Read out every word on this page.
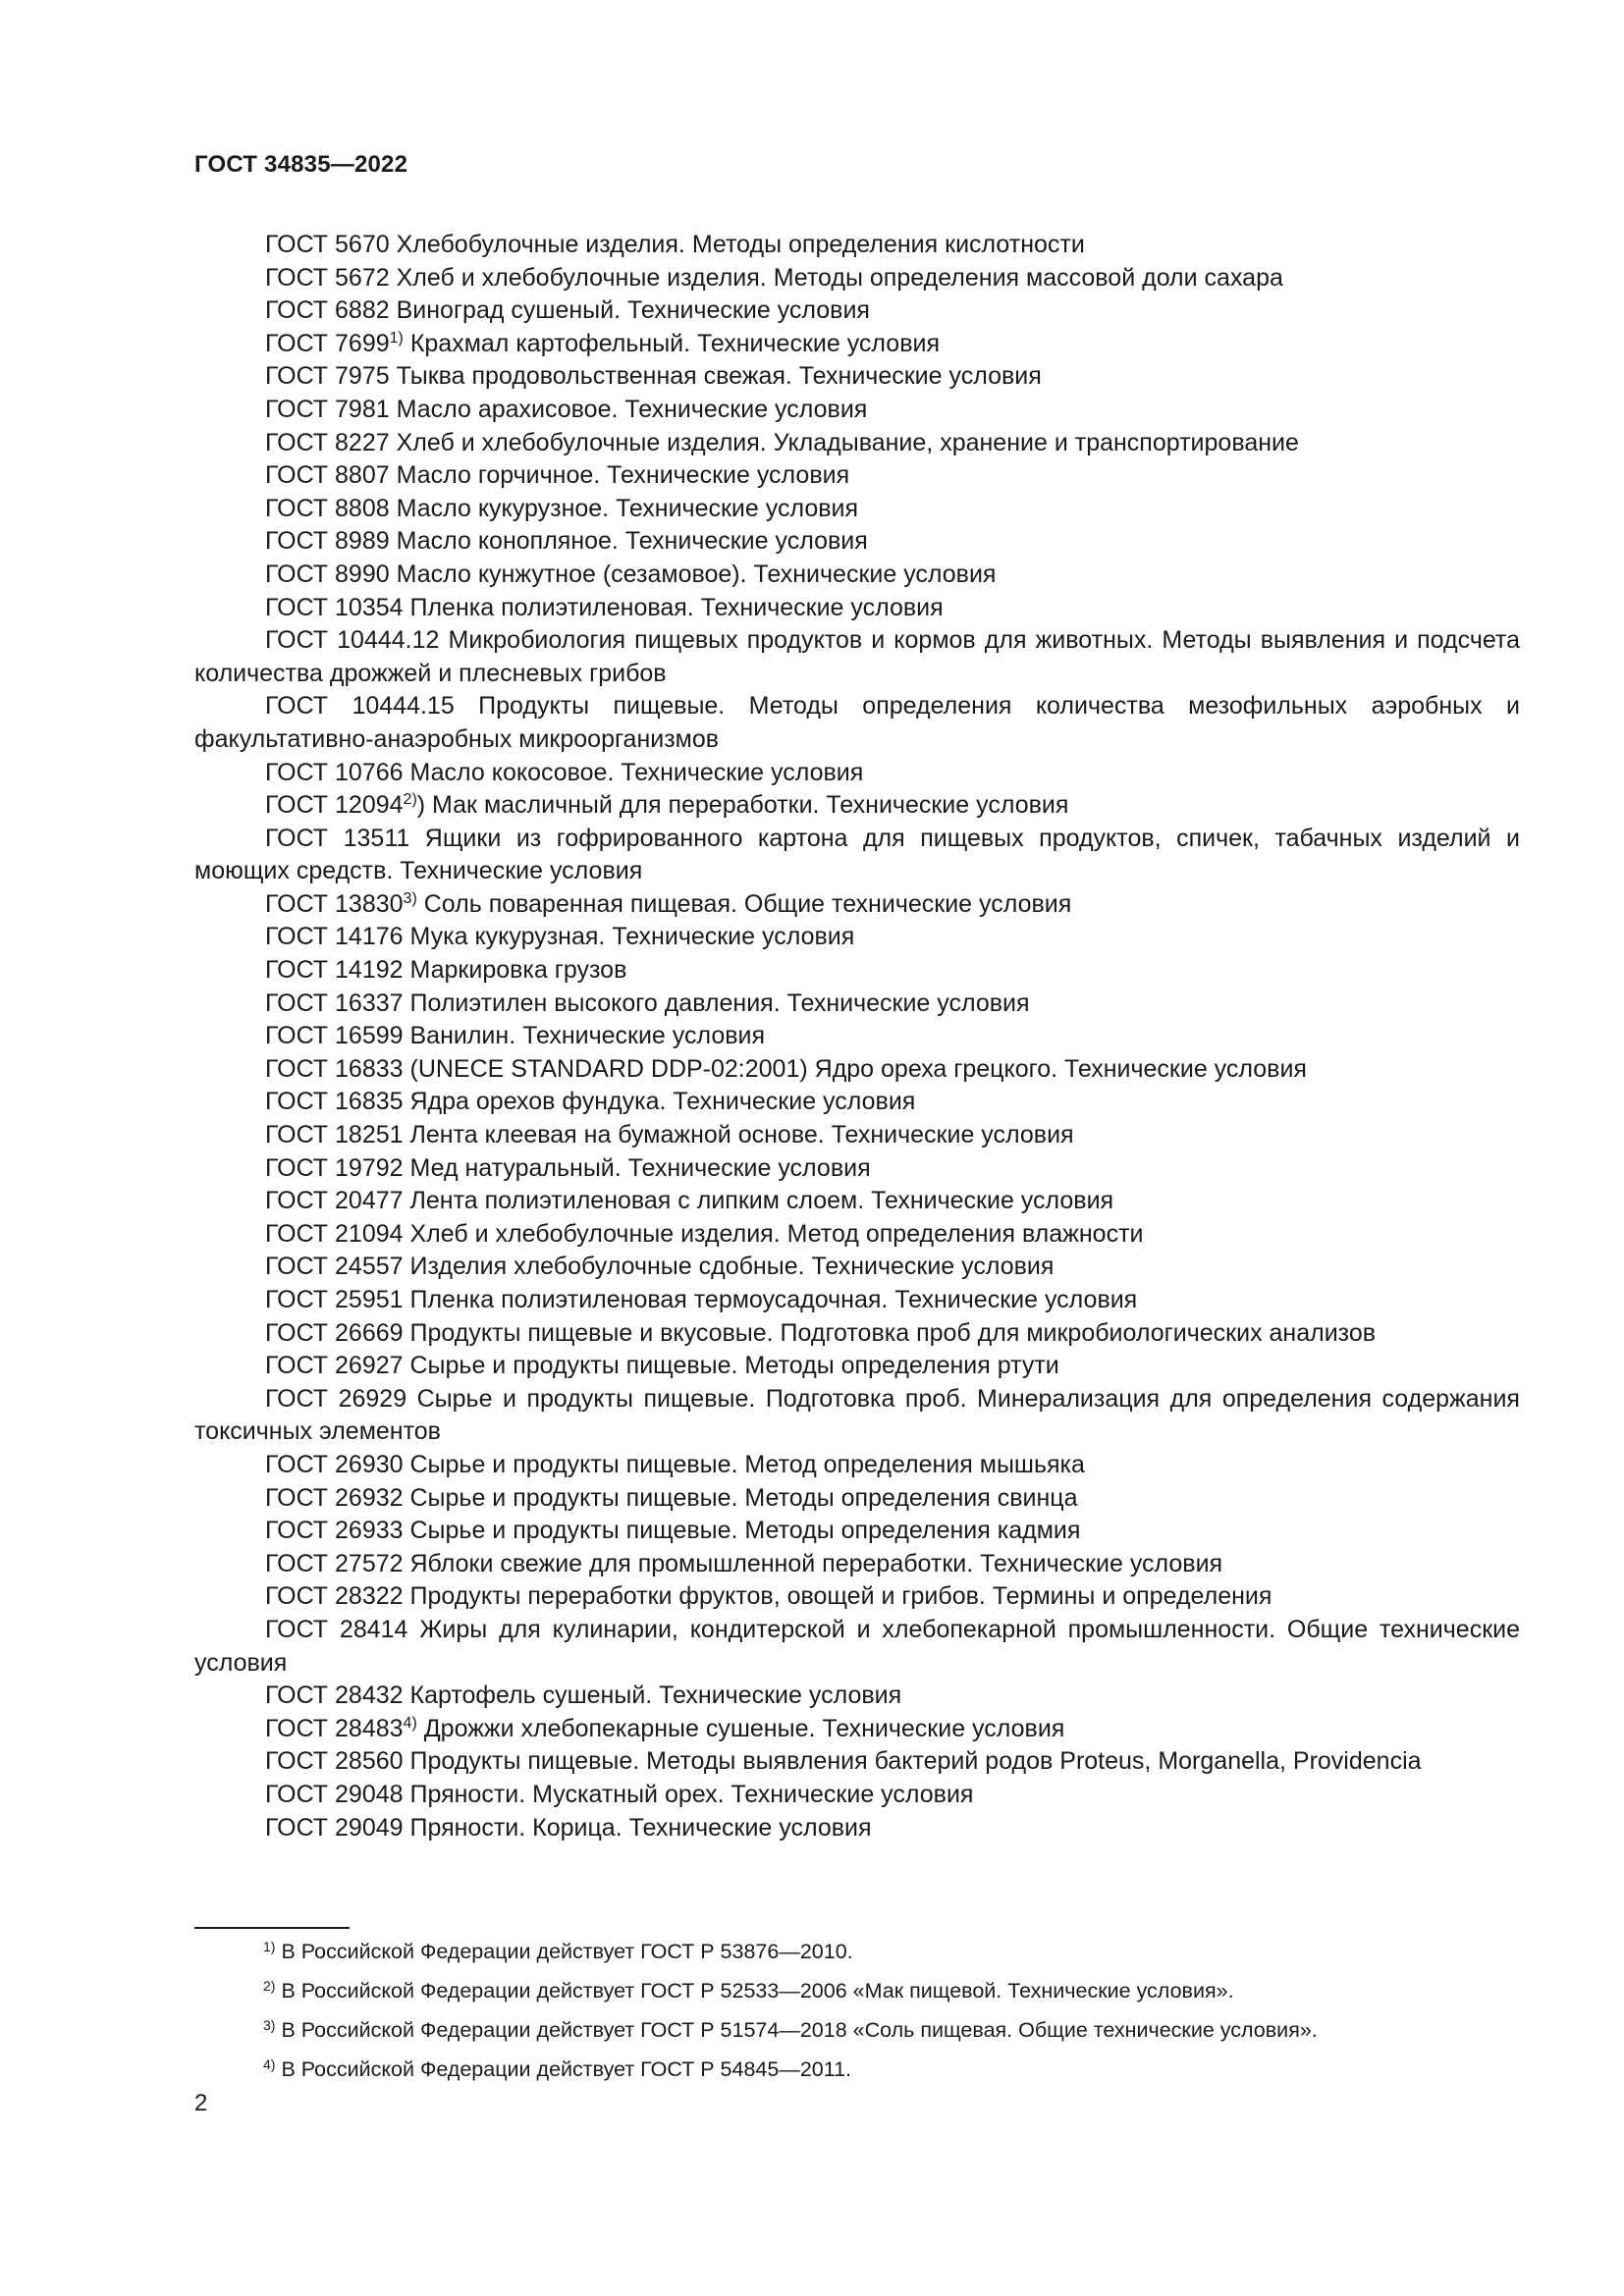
ГОСТ 34835—2022

ГОСТ 5670 Хлебобулочные изделия. Методы определения кислотности

ГОСТ 5672 Хлеб и хлебобулочные изделия. Методы определения массовой доли сахара

ГОСТ 6882 Виноград сушеный. Технические условия

ГОСТ 7699$^{1)}$ Крахмал картофельный. Технические условия

ГОСТ 7975 Тыква продовольственная свежая. Технические условия

ГОСТ 7981 Масло арахисовое. Технические условия

ГОСТ 8227 Хлеб и хлебобулочные изделия. Укладывание, хранение и транспортирование

ГОСТ 8807 Масло горчичное. Технические условия

ГОСТ 8808 Масло кукурузное. Технические условия

ГОСТ 8989 Масло конопляное. Технические условия

ГОСТ 8990 Масло кунжутное (сезамовое). Технические условия

ГОСТ 10354 Пленка полиэтиленовая. Технические условия

ГОСТ 10444.12 Микробиология пищевых продуктов и кормов для животных. Методы выявления и подсчета количества дрожжей и плесневых грибов

ГОСТ 10444.15 Продукты пищевые. Методы определения количества мезофильных аэробных и факультативно-анаэробных микроорганизмов

ГОСТ 10766 Масло кокосовое. Технические условия

ГОСТ 12094$^{2)}$) Мак масличный для переработки. Технические условия

ГОСТ 13511 Ящики из гофрированного картона для пищевых продуктов, спичек, табачных изделий и моющих средств. Технические условия

ГОСТ 13830$^{3)}$ Соль поваренная пищевая. Общие технические условия

ГОСТ 14176 Мука кукурузная. Технические условия

ГОСТ 14192 Маркировка грузов

ГОСТ 16337 Полиэтилен высокого давления. Технические условия

ГОСТ 16599 Ванилин. Технические условия

ГОСТ 16833 (UNECE STANDARD DDP-02:2001) Ядро ореха грецкого. Технические условия

ГОСТ 16835 Ядра орехов фундука. Технические условия

ГОСТ 18251 Лента клеевая на бумажной основе. Технические условия

ГОСТ 19792 Мед натуральный. Технические условия

ГОСТ 20477 Лента полиэтиленовая с липким слоем. Технические условия

ГОСТ 21094 Хлеб и хлебобулочные изделия. Метод определения влажности

ГОСТ 24557 Изделия хлебобулочные сдобные. Технические условия

ГОСТ 25951 Пленка полиэтиленовая термоусадочная. Технические условия

ГОСТ 26669 Продукты пищевые и вкусовые. Подготовка проб для микробиологических анализов

ГОСТ 26927 Сырье и продукты пищевые. Методы определения ртути

ГОСТ 26929 Сырье и продукты пищевые. Подготовка проб. Минерализация для определения содержания токсичных элементов

ГОСТ 26930 Сырье и продукты пищевые. Метод определения мышьяка

ГОСТ 26932 Сырье и продукты пищевые. Методы определения свинца

ГОСТ 26933 Сырье и продукты пищевые. Методы определения кадмия

ГОСТ 27572 Яблоки свежие для промышленной переработки. Технические условия

ГОСТ 28322 Продукты переработки фруктов, овощей и грибов. Термины и определения

ГОСТ 28414 Жиры для кулинарии, кондитерской и хлебопекарной промышленности. Общие технические условия

ГОСТ 28432 Картофель сушеный. Технические условия

ГОСТ 28483$^{4)}$ Дрожжи хлебопекарные сушеные. Технические условия

ГОСТ 28560 Продукты пищевые. Методы выявления бактерий родов Proteus, Morganella, Providencia

ГОСТ 29048 Пряности. Мускатный орех. Технические условия

ГОСТ 29049 Пряности. Корица. Технические условия

$^{1)}$ В Российской Федерации действует ГОСТ Р 53876—2010.
$^{2)}$ В Российской Федерации действует ГОСТ Р 52533—2006 «Мак пищевой. Технические условия».
$^{3)}$ В Российской Федерации действует ГОСТ Р 51574—2018 «Соль пищевая. Общие технические условия».
$^{4)}$ В Российской Федерации действует ГОСТ Р 54845—2011.
2
